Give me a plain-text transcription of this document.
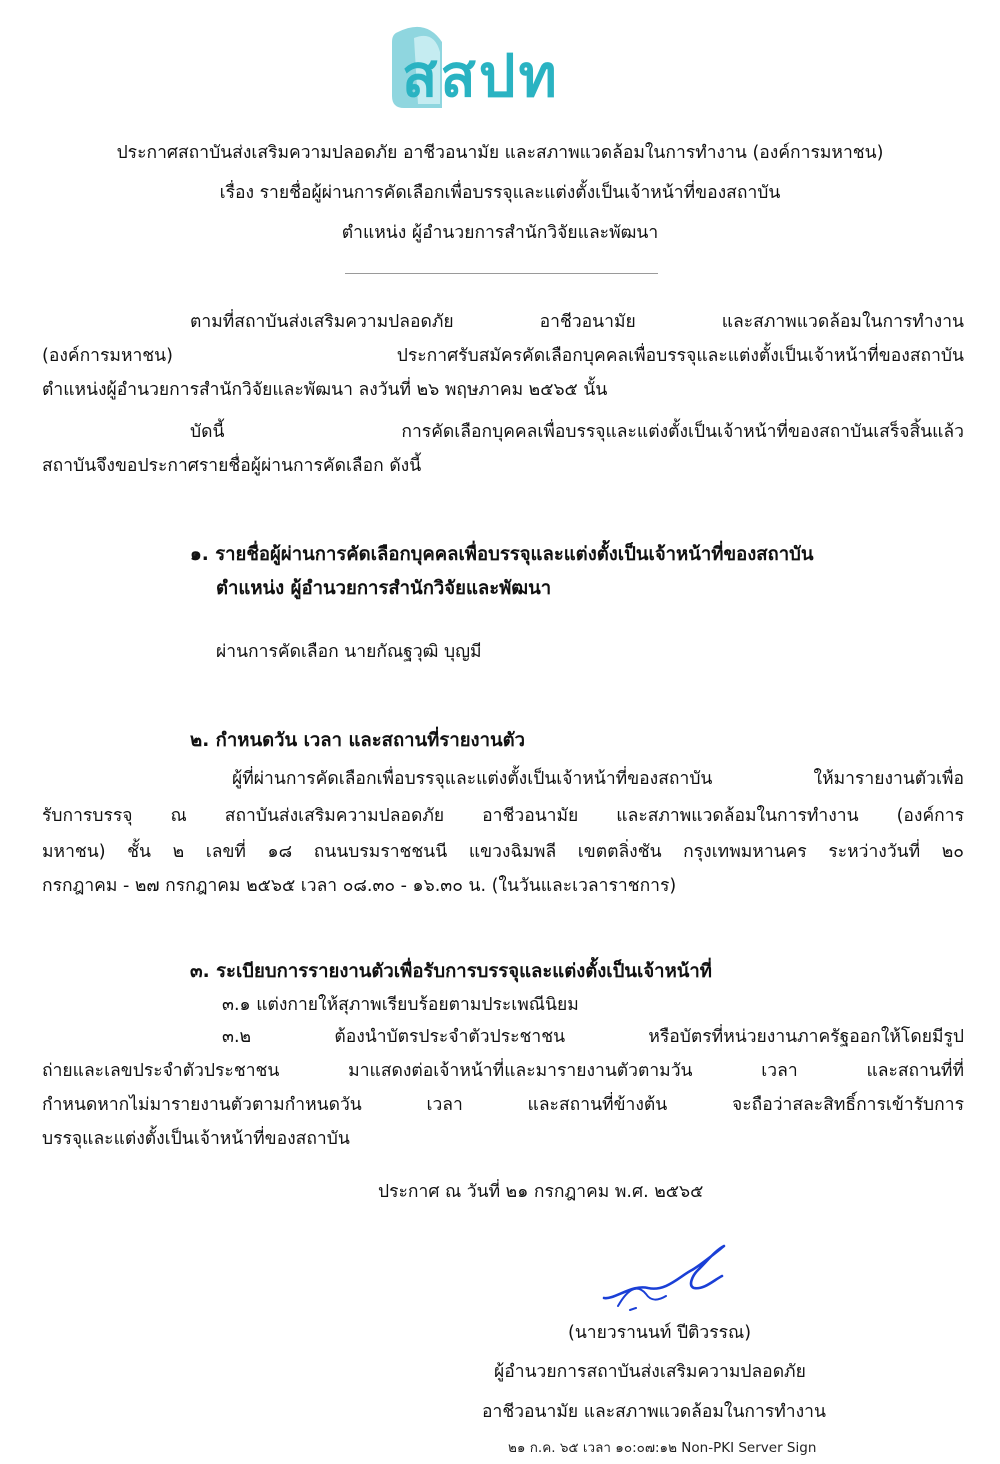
สสปท
ประกาศสถาบันส่งเสริมความปลอดภัย อาชีวอนามัย และสภาพแวดล้อมในการทำงาน (องค์การมหาชน)
เรื่อง รายชื่อผู้ผ่านการคัดเลือกเพื่อบรรจุและแต่งตั้งเป็นเจ้าหน้าที่ของสถาบัน
ตำแหน่ง ผู้อำนวยการสำนักวิจัยและพัฒนา
ตามที่สถาบันส่งเสริมความปลอดภัย อาชีวอนามัย และสภาพแวดล้อมในการทำงาน
(องค์การมหาชน) ประกาศรับสมัครคัดเลือกบุคคลเพื่อบรรจุและแต่งตั้งเป็นเจ้าหน้าที่ของสถาบัน
ตำแหน่งผู้อำนวยการสำนักวิจัยและพัฒนา ลงวันที่ ๒๖ พฤษภาคม ๒๕๖๕ นั้น
บัดนี้ การคัดเลือกบุคคลเพื่อบรรจุและแต่งตั้งเป็นเจ้าหน้าที่ของสถาบันเสร็จสิ้นแล้ว
สถาบันจึงขอประกาศรายชื่อผู้ผ่านการคัดเลือก ดังนี้
๑. รายชื่อผู้ผ่านการคัดเลือกบุคคลเพื่อบรรจุและแต่งตั้งเป็นเจ้าหน้าที่ของสถาบัน
ตำแหน่ง ผู้อำนวยการสำนักวิจัยและพัฒนา
ผ่านการคัดเลือก นายกัณฐวุฒิ บุญมี
๒. กำหนดวัน เวลา และสถานที่รายงานตัว
ผู้ที่ผ่านการคัดเลือกเพื่อบรรจุและแต่งตั้งเป็นเจ้าหน้าที่ของสถาบัน ให้มารายงานตัวเพื่อ
รับการบรรจุ ณ สถาบันส่งเสริมความปลอดภัย อาชีวอนามัย และสภาพแวดล้อมในการทำงาน (องค์การ
มหาชน) ชั้น ๒ เลขที่ ๑๘ ถนนบรมราชชนนี แขวงฉิมพลี เขตตลิ่งชัน กรุงเทพมหานคร ระหว่างวันที่ ๒๐
กรกฎาคม - ๒๗ กรกฎาคม ๒๕๖๕ เวลา ๐๘.๓๐ - ๑๖.๓๐ น. (ในวันและเวลาราชการ)
๓. ระเบียบการรายงานตัวเพื่อรับการบรรจุและแต่งตั้งเป็นเจ้าหน้าที่
๓.๑ แต่งกายให้สุภาพเรียบร้อยตามประเพณีนิยม
๓.๒ ต้องนำบัตรประจำตัวประชาชน หรือบัตรที่หน่วยงานภาครัฐออกให้โดยมีรูป
ถ่ายและเลขประจำตัวประชาชน มาแสดงต่อเจ้าหน้าที่และมารายงานตัวตามวัน เวลา และสถานที่ที่
กำหนดหากไม่มารายงานตัวตามกำหนดวัน เวลา และสถานที่ข้างต้น จะถือว่าสละสิทธิ์การเข้ารับการ
บรรจุและแต่งตั้งเป็นเจ้าหน้าที่ของสถาบัน
ประกาศ ณ วันที่ ๒๑ กรกฎาคม พ.ศ. ๒๕๖๕
(นายวรานนท์ ปีติวรรณ)
ผู้อำนวยการสถาบันส่งเสริมความปลอดภัย
อาชีวอนามัย และสภาพแวดล้อมในการทำงาน
๒๑ ก.ค. ๖๕ เวลา ๑๐:๐๗:๑๒ Non-PKI Server Sign
